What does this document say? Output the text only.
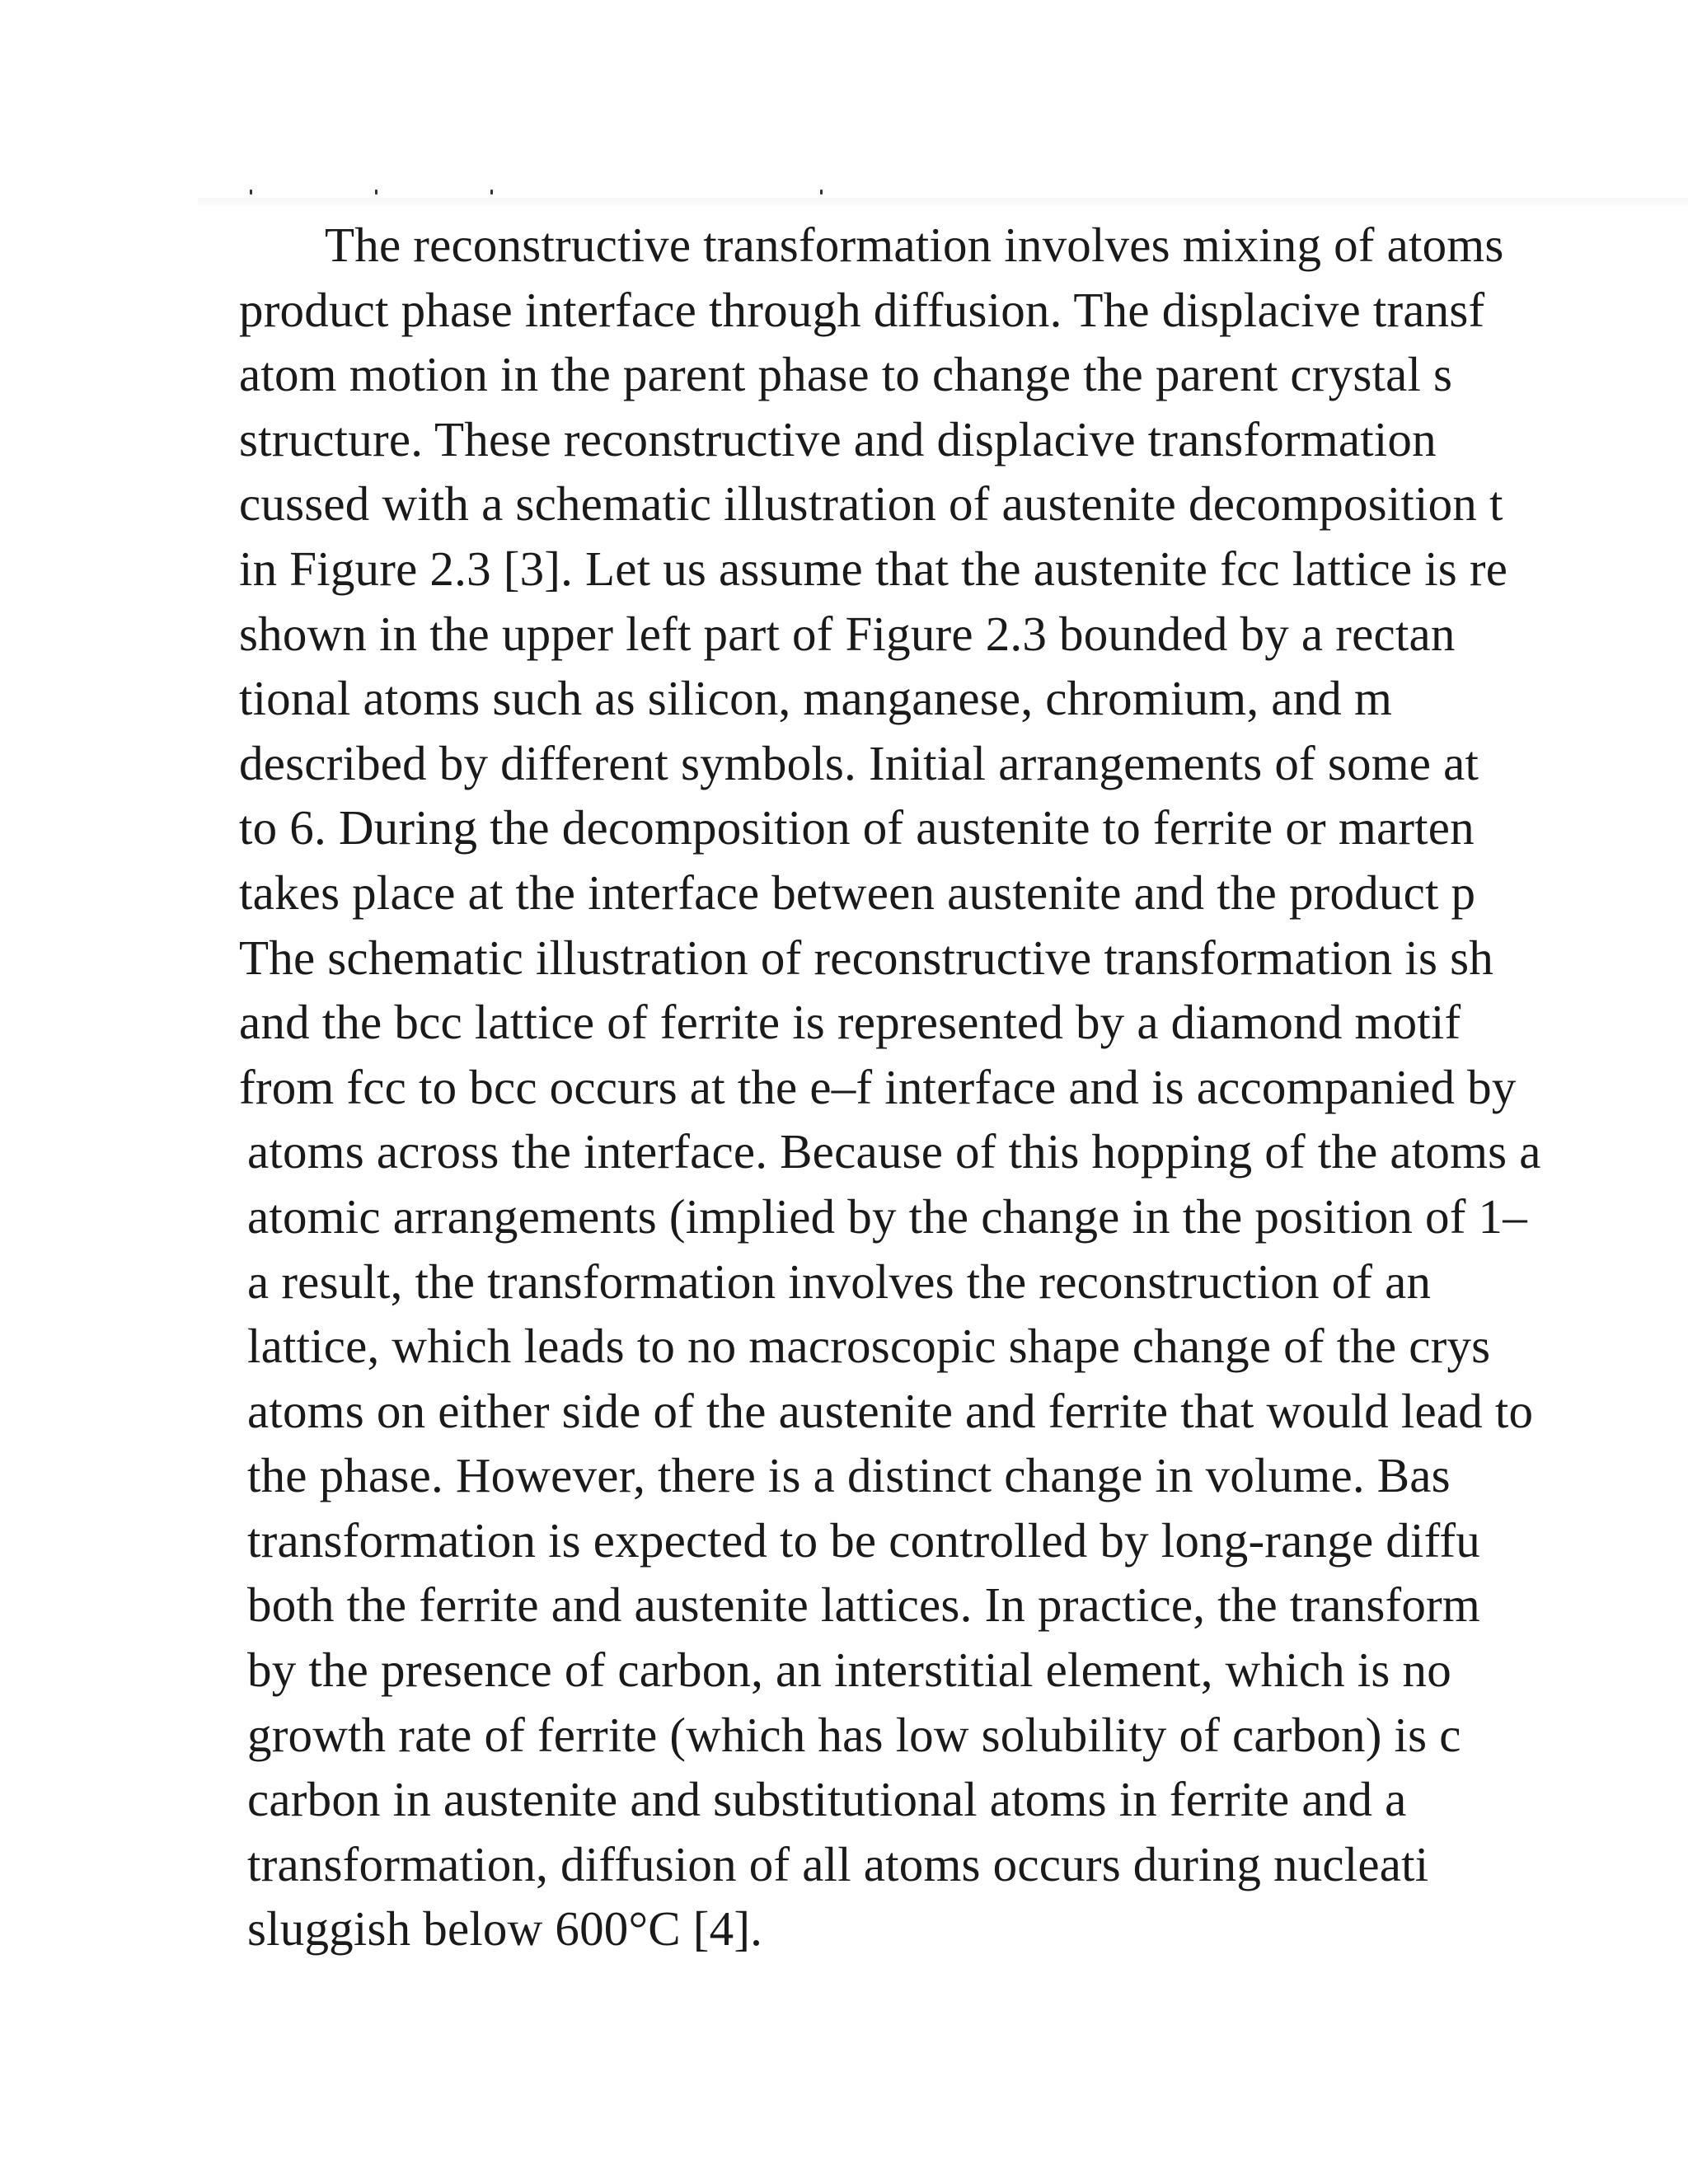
The reconstructive transformation involves mixing of atoms
product phase interface through diffusion. The displacive transf
atom motion in the parent phase to change the parent crystal s
structure. These reconstructive and displacive transformation
cussed with a schematic illustration of austenite decomposition t
in Figure 2.3 [3]. Let us assume that the austenite fcc lattice is re
shown in the upper left part of Figure 2.3 bounded by a rectan
tional atoms such as silicon, manganese, chromium, and m
described by different symbols. Initial arrangements of some at
to 6. During the decomposition of austenite to ferrite or marten
takes place at the interface between austenite and the product p
The schematic illustration of reconstructive transformation is sh
and the bcc lattice of ferrite is represented by a diamond motif
from fcc to bcc occurs at the e–f interface and is accompanied by
atoms across the interface. Because of this hopping of the atoms a
atomic arrangements (implied by the change in the position of 1–
a result, the transformation involves the reconstruction of an
lattice, which leads to no macroscopic shape change of the crys
atoms on either side of the austenite and ferrite that would lead to
the phase. However, there is a distinct change in volume. Bas
transformation is expected to be controlled by long-range diffu
both the ferrite and austenite lattices. In practice, the transform
by the presence of carbon, an interstitial element, which is no
growth rate of ferrite (which has low solubility of carbon) is c
carbon in austenite and substitutional atoms in ferrite and a
transformation, diffusion of all atoms occurs during nucleati
sluggish below 600°C [4].
